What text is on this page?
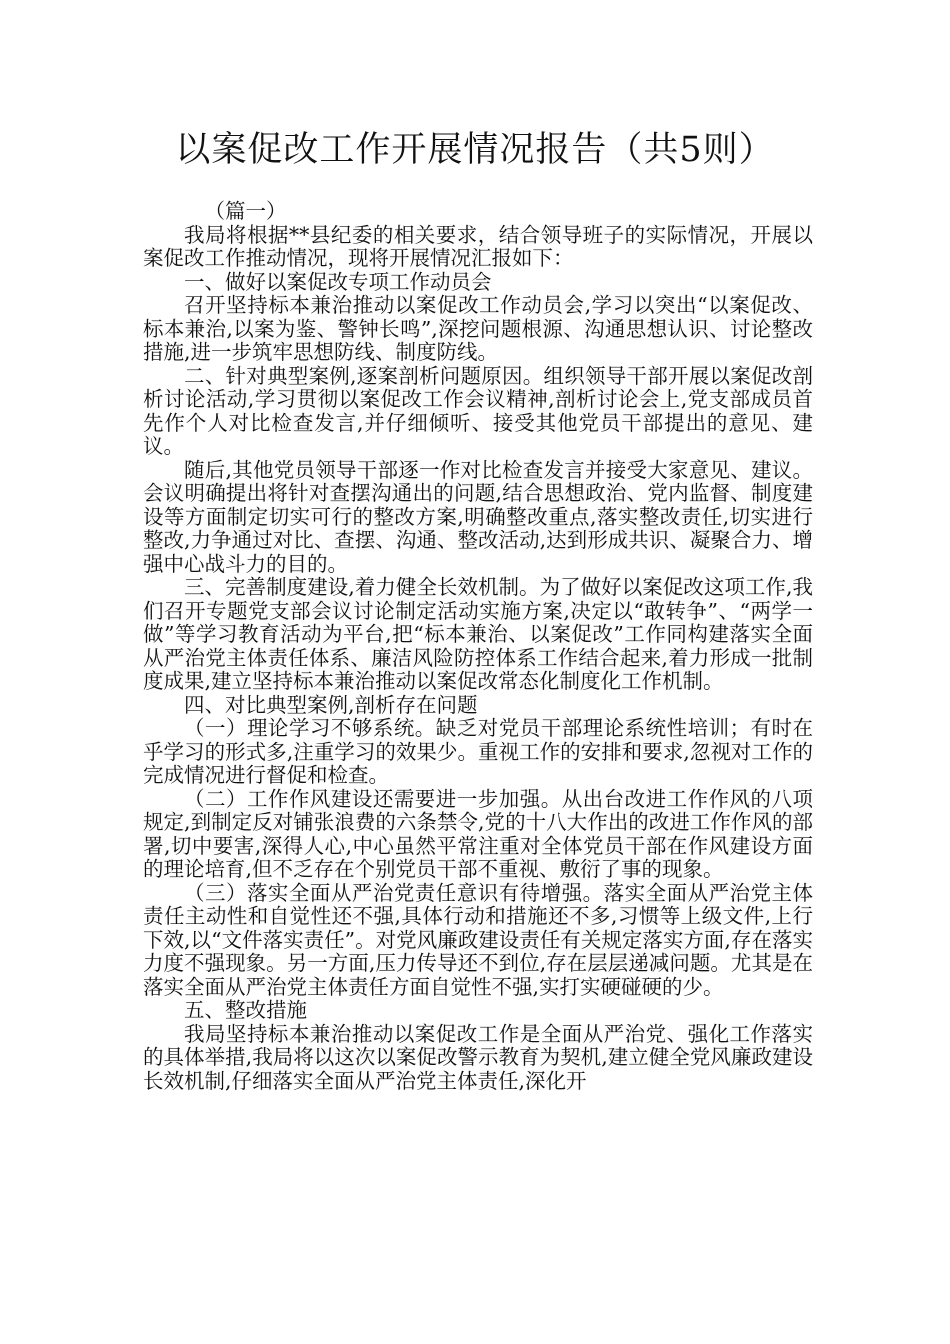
以案促改工作开展情况报告（共5则）

（篇一）

我局将根据**县纪委的相关要求，结合领导班子的实际情况，开展以案促改工作推动情况，现将开展情况汇报如下：

一、做好以案促改专项工作动员会

召开坚持标本兼治推动以案促改工作动员会,学习以突出“以案促改、标本兼治,以案为鉴、警钟长鸣”,深挖问题根源、沟通思想认识、讨论整改措施,进一步筑牢思想防线、制度防线。

二、针对典型案例,逐案剖析问题原因。组织领导干部开展以案促改剖析讨论活动,学习贯彻以案促改工作会议精神,剖析讨论会上,党支部成员首先作个人对比检查发言,并仔细倾听、接受其他党员干部提出的意见、建议。

随后,其他党员领导干部逐一作对比检查发言并接受大家意见、建议。会议明确提出将针对查摆沟通出的问题,结合思想政治、党内监督、制度建设等方面制定切实可行的整改方案,明确整改重点,落实整改责任,切实进行整改,力争通过对比、查摆、沟通、整改活动,达到形成共识、凝聚合力、增强中心战斗力的目的。

三、完善制度建设,着力健全长效机制。为了做好以案促改这项工作,我们召开专题党支部会议讨论制定活动实施方案,决定以“敢转争”、“两学一做”等学习教育活动为平台,把“标本兼治、以案促改”工作同构建落实全面从严治党主体责任体系、廉洁风险防控体系工作结合起来,着力形成一批制度成果,建立坚持标本兼治推动以案促改常态化制度化工作机制。

四、对比典型案例,剖析存在问题

（一）理论学习不够系统。缺乏对党员干部理论系统性培训；有时在乎学习的形式多,注重学习的效果少。重视工作的安排和要求,忽视对工作的完成情况进行督促和检查。

（二）工作作风建设还需要进一步加强。从出台改进工作作风的八项规定,到制定反对铺张浪费的六条禁令,党的十八大作出的改进工作作风的部署,切中要害,深得人心,中心虽然平常注重对全体党员干部在作风建设方面的理论培育,但不乏存在个别党员干部不重视、敷衍了事的现象。

（三）落实全面从严治党责任意识有待增强。落实全面从严治党主体责任主动性和自觉性还不强,具体行动和措施还不多,习惯等上级文件,上行下效,以“文件落实责任”。对党风廉政建设责任有关规定落实方面,存在落实力度不强现象。另一方面,压力传导还不到位,存在层层递减问题。尤其是在落实全面从严治党主体责任方面自觉性不强,实打实硬碰硬的少。

五、整改措施

我局坚持标本兼治推动以案促改工作是全面从严治党、强化工作落实的具体举措,我局将以这次以案促改警示教育为契机,建立健全党风廉政建设长效机制,仔细落实全面从严治党主体责任,深化开
